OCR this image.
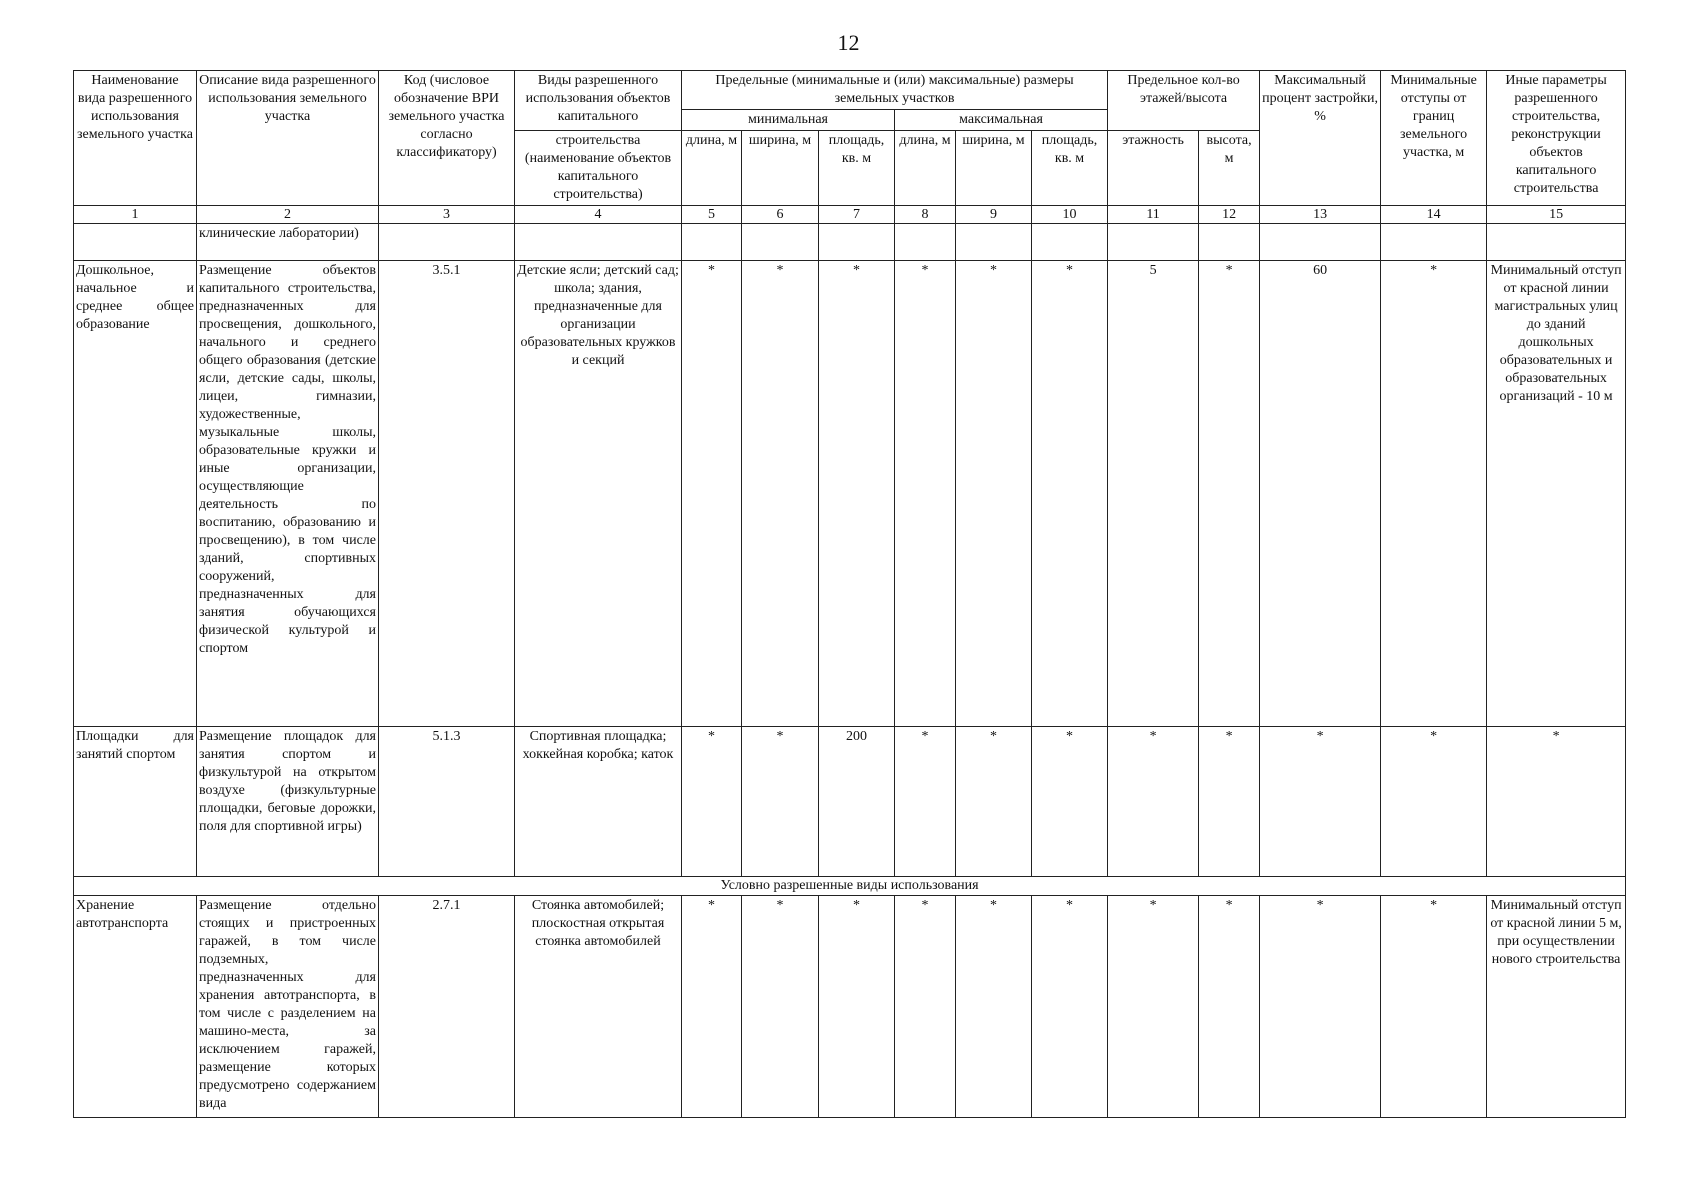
12
Наименование вида разрешенного использования земельного участка	Описание вида разрешенного использования земельного участка	Код (числовое обозначение ВРИ земельного участка согласно классификатору)	Виды разрешенного использования объектов капитального	Предельные (минимальные и (или) максимальные) размеры земельных участков						Предельное кол-во этажей/высота		Максимальный процент застройки, %	Минимальные отступы от границ земельного участка, м	Иные параметры разрешенного строительства, реконструкции объектов капитального строительства
				минимальная			максимальная							
			строительства (наименование объектов капитального строительства)	длина, м	ширина, м	площадь, кв. м	длина, м	ширина, м	площадь, кв. м	этажность	высота, м			
1	2	3	4	5	6	7	8	9	10	11	12	13	14	15
	клинические лаборатории)													
Дошкольное, начальное и среднее общее образование	Размещение объектов капитального строительства, предназначенных для просвещения, дошкольного, начального и среднего общего образования (детские ясли, детские сады, школы, лицеи, гимназии, художественные, музыкальные школы, образовательные кружки и иные организации, осуществляющие деятельность по воспитанию, образованию и просвещению), в том числе зданий, спортивных сооружений, предназначенных для занятия обучающихся физической культурой и спортом	3.5.1	Детские ясли; детский сад; школа; здания, предназначенные для организации образовательных кружков и секций	*	*	*	*	*	*	5	*	60	*	Минимальный отступ от красной линии магистральных улиц до зданий дошкольных образовательных и образовательных организаций - 10 м
Площадки для занятий спортом	Размещение площадок для занятия спортом и физкультурой на открытом воздухе (физкультурные площадки, беговые дорожки, поля для спортивной игры)	5.1.3	Спортивная площадка; хоккейная коробка; каток	*	*	200	*	*	*	*	*	*	*	*
Условно разрешенные виды использования														
Хранение автотранспорта	Размещение отдельно стоящих и пристроенных гаражей, в том числе подземных, предназначенных для хранения автотранспорта, в том числе с разделением на машино-места, за исключением гаражей, размещение которых предусмотрено содержанием вида	2.7.1	Стоянка автомобилей; плоскостная открытая стоянка автомобилей	*	*	*	*	*	*	*	*	*	*	Минимальный отступ от красной линии 5 м, при осуществлении нового строительства
